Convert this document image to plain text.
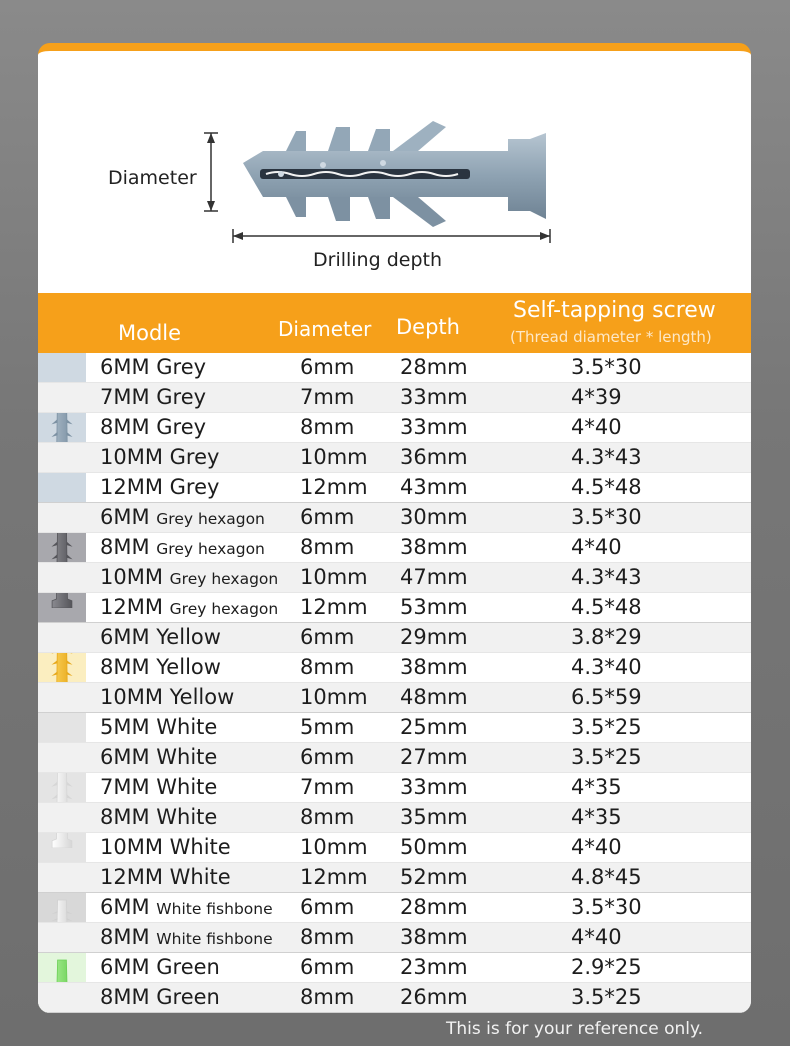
Diameter
Drilling depth
Modle	Diameter Depth
Self-tapping screw
(Thread diameter * length)
6MM Grey	6mm 28mm	3.5*30
7MM Grey	7mm 33mm	4*39
8MM Grey	8mm 33mm	4*40
10MM Grey	10mm 36mm	4.3*43
12MM Grey	12mm 43mm	4.5*48
6MM Grey hexagon 6mm 30mm	3.5*30
8MM Grey hexagon 8mm 38mm	4*40
10MM Grey hexagon 10mm 47mm	4.3*43
12MM Grey hexagon 12mm 53mm	4.5*48
6MM Yellow	6mm 29mm	3.8*29
8MM Yellow	8mm 38mm	4.3*40
10MM Yellow	10mm 48mm	6.5*59
5MM White	5mm 25mm	3.5*25
6MM White	6mm 27mm	3.5*25
7MM White	7mm 33mm	4*35
8MM White	8mm 35mm	4*35
10MM White	10mm 50mm	4*40
12MM White	12mm 52mm	4.8*45
6MM White fishbone 6mm 28mm	3.5*30
8MM White fishbone 8mm 38mm	4*40
6MM Green	6mm 23mm	2.9*25
8MM Green	8mm 26mm	3.5*25
This is for your reference only.
